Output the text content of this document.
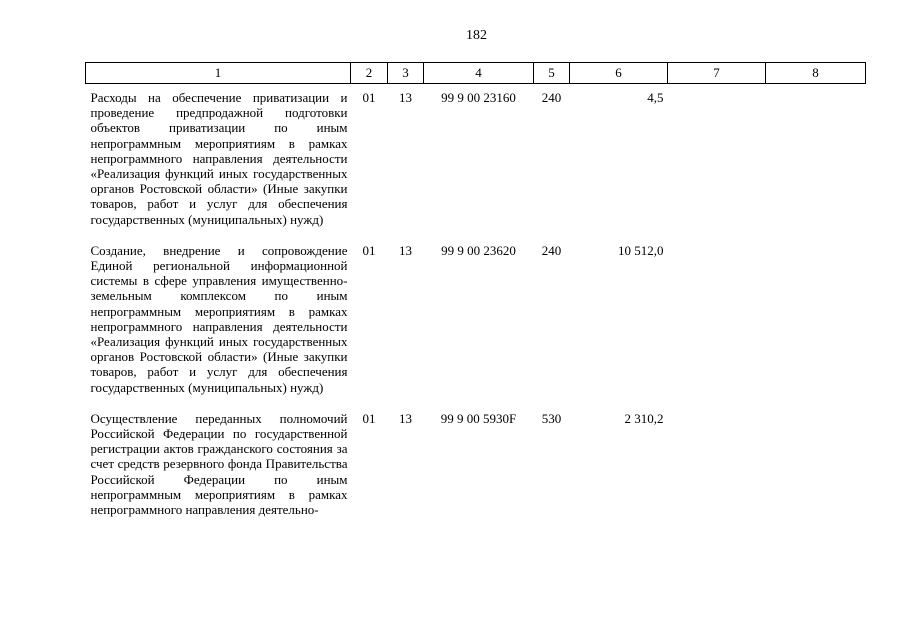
182
1	2	3	4	5	6	7	8
Расходы на обеспечение приватизации и проведение предпродажной подготовки объектов приватизации по иным непрограммным мероприятиям в рамках непрограммного направления деятельности «Реализация функций иных государственных органов Ростовской области» (Иные закупки товаров, работ и услуг для обеспечения государственных (муниципальных) нужд)	01	13	99 9 00 23160	240	4,5		
Создание, внедрение и сопровождение Единой региональной информационной системы в сфере управления имущественно-земельным комплексом по иным непрограммным мероприятиям в рамках непрограммного направления деятельности «Реализация функций иных государственных органов Ростовской области» (Иные закупки товаров, работ и услуг для обеспечения государственных (муниципальных) нужд)	01	13	99 9 00 23620	240	10 512,0		

Осуществление переданных полномочий Российской Федерации по государственной регистрации актов гражданского состояния за счет средств резервного фонда Правительства Российской Федерации по иным непрограммным мероприятиям в рамках непрограммного направления деятельно-	01	13	99 9 00 5930F	530	2 310,2		
